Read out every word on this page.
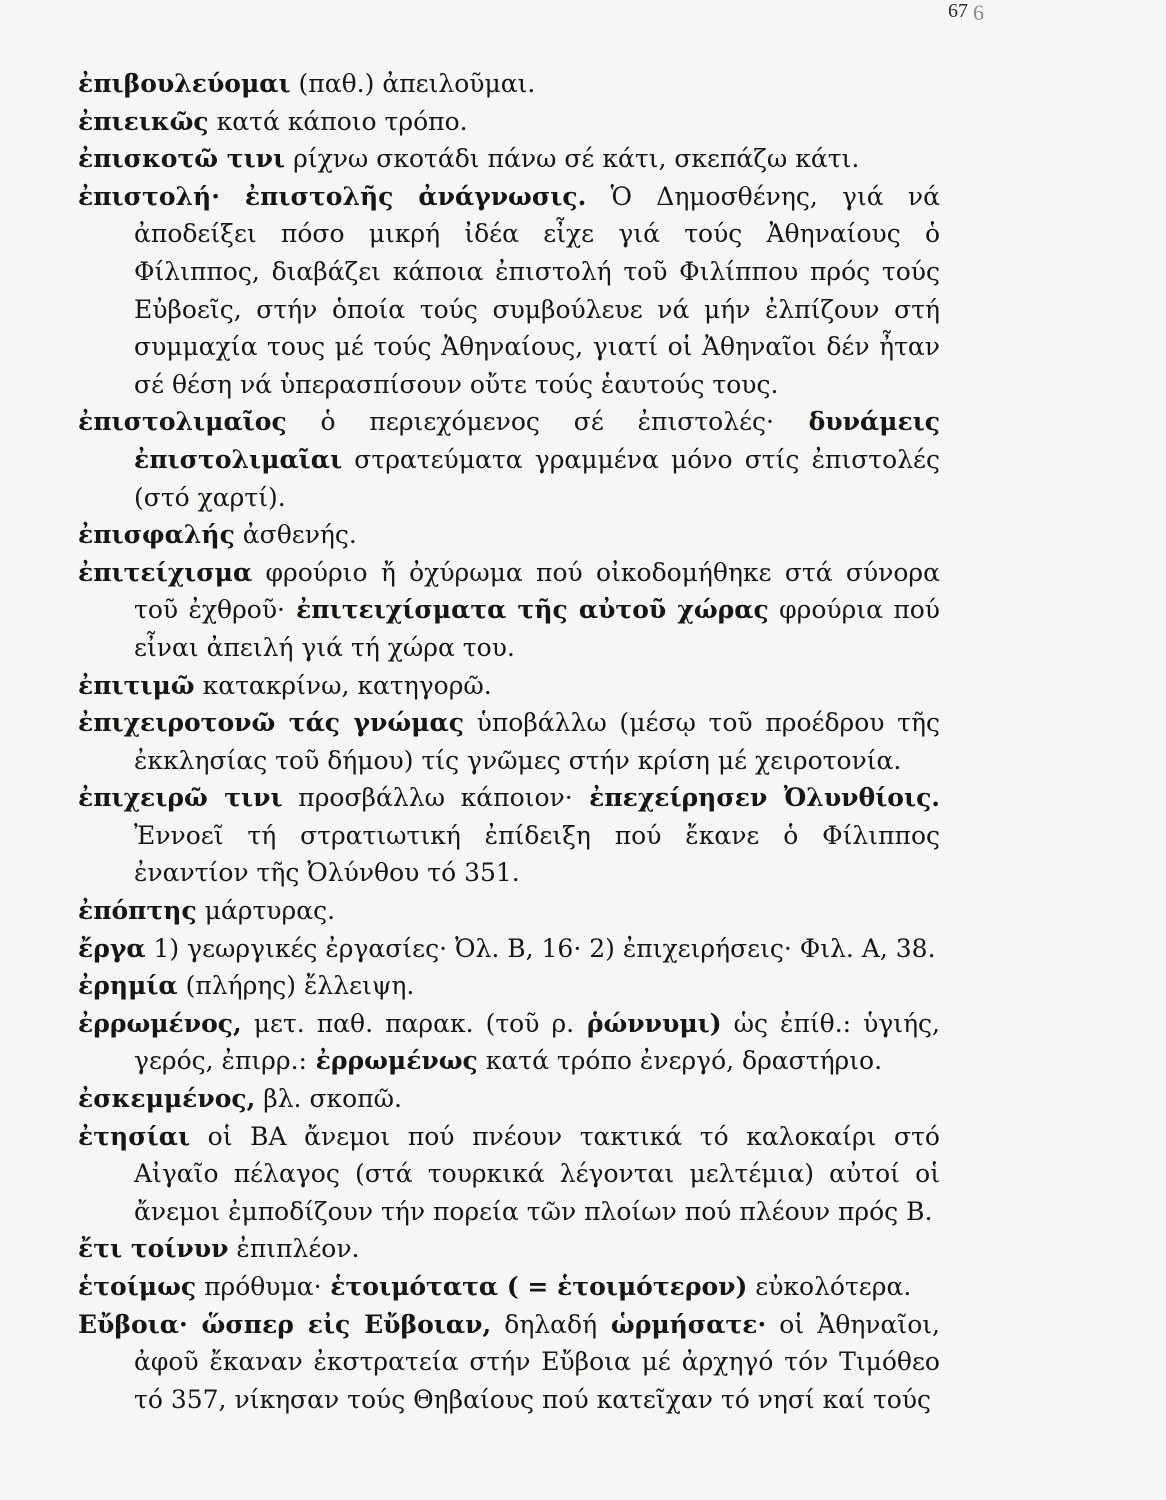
67 6
ἐπιβουλεύομαι (παθ.) ἀπειλοῦμαι.
ἐπιεικῶς κατά κάποιο τρόπο.
ἐπισκοτῶ τινι ρίχνω σκοτάδι πάνω σέ κάτι, σκεπάζω κάτι.
ἐπιστολή· ἐπιστολῆς ἀνάγνωσις. Ὁ Δημοσθένης, γιά νά ἀποδείξει πόσο μικρή ἰδέα εἶχε γιά τούς Ἀθηναίους ὁ Φίλιππος, διαβάζει κάποια ἐπιστολή τοῦ Φιλίππου πρός τούς Εὐβοεῖς, στήν ὁποία τούς συμβούλευε νά μήν ἐλπίζουν στή συμμαχία τους μέ τούς Ἀθηναίους, γιατί οἱ Ἀθηναῖοι δέν ἦταν σέ θέση νά ὑπερασπίσουν οὔτε τούς ἑαυτούς τους.
ἐπιστολιμαῖος ὁ περιεχόμενος σέ ἐπιστολές· δυνάμεις ἐπιστολιμαῖαι στρατεύματα γραμμένα μόνο στίς ἐπιστολές (στό χαρτί).
ἐπισφαλής ἀσθενής.
ἐπιτείχισμα φρούριο ἤ ὀχύρωμα πού οἰκοδομήθηκε στά σύνορα τοῦ ἐχθροῦ· ἐπιτειχίσματα τῆς αὐτοῦ χώρας φρούρια πού εἶναι ἀπειλή γιά τή χώρα του.
ἐπιτιμῶ κατακρίνω, κατηγορῶ.
ἐπιχειροτονῶ τάς γνώμας ὑποβάλλω (μέσῳ τοῦ προέδρου τῆς ἐκκλησίας τοῦ δήμου) τίς γνῶμες στήν κρίση μέ χειροτονία.
ἐπιχειρῶ τινι προσβάλλω κάποιον· ἐπεχείρησεν Ὀλυνθίοις. Ἐννοεῖ τή στρατιωτική ἐπίδειξη πού ἔκανε ὁ Φίλιππος ἐναντίον τῆς Ὀλύνθου τό 351.
ἐπόπτης μάρτυρας.
ἔργα 1) γεωργικές ἐργασίες· Ὀλ. Β, 16· 2) ἐπιχειρήσεις· Φιλ. Α, 38.
ἐρημία (πλήρης) ἔλλειψη.
ἐρρωμένος, μετ. παθ. παρακ. (τοῦ ρ. ῥώννυμι) ὡς ἐπίθ.: ὑγιής, γερός, ἐπιρρ.: ἐρρωμένως κατά τρόπο ἐνεργό, δραστήριο.
ἐσκεμμένος, βλ. σκοπῶ.
ἐτησίαι οἱ ΒΑ ἄνεμοι πού πνέουν τακτικά τό καλοκαίρι στό Αἰγαῖο πέλαγος (στά τουρκικά λέγονται μελτέμια) αὐτοί οἱ ἄνεμοι ἐμποδίζουν τήν πορεία τῶν πλοίων πού πλέουν πρός Β.
ἔτι τοίνυν ἐπιπλέον.
ἑτοίμως πρόθυμα· ἑτοιμότατα ( = ἑτοιμότερον) εὐκολότερα.
Εὔβοια· ὥσπερ εἰς Εὔβοιαν, δηλαδή ὡρμήσατε· οἱ Ἀθηναῖοι, ἀφοῦ ἔκαναν ἐκστρατεία στήν Εὔβοια μέ ἀρχηγό τόν Τιμόθεο τό 357, νίκησαν τούς Θηβαίους πού κατεῖχαν τό νησί καί τούς
